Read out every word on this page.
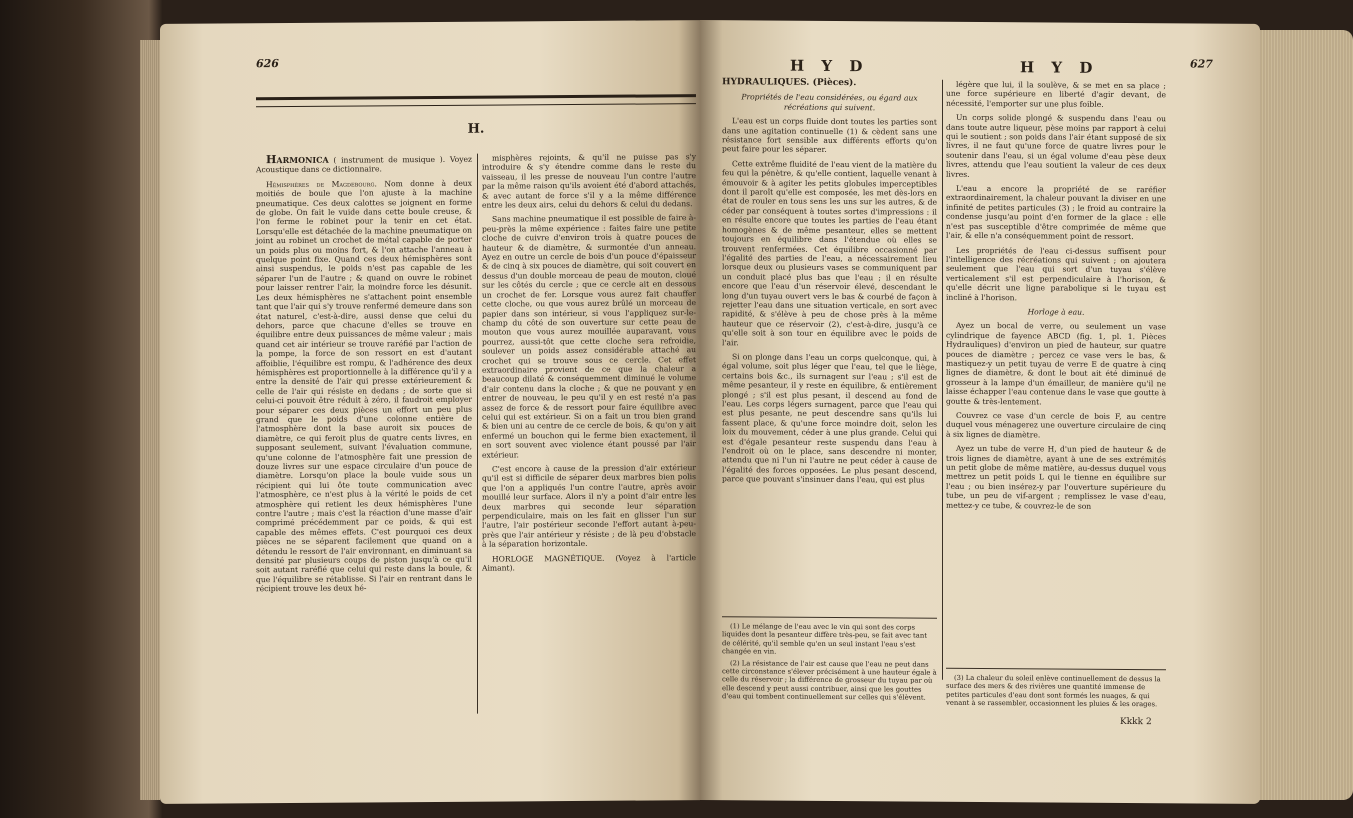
626
H.

Harmonica ( instrument de musique ). Voyez Acoustique dans ce dictionnaire.

Hémisphères de Magdebourg. Nom donne à deux moitiés de boule que l'on ajuste à la machine pneumatique. Ces deux calottes se joignent en forme de globe. On fait le vuide dans cette boule creuse, & l'on ferme le robinet pour la tenir en cet état. Lorsqu'elle est détachée de la machine pneumatique on joint au robinet un crochet de métal capable de porter un poids plus ou moins fort, & l'on attache l'anneau à quelque point fixe. Quand ces deux hémisphères sont ainsi suspendus, le poids n'est pas capable de les séparer l'un de l'autre ; & quand on ouvre le robinet pour laisser rentrer l'air, la moindre force les désunit. Les deux hémisphères ne s'attachent point ensemble tant que l'air qui s'y trouve renfermé demeure dans son état naturel, c'est-à-dire, aussi dense que celui du dehors, parce que chacune d'elles se trouve en équilibre entre deux puissances de même valeur ; mais quand cet air intérieur se trouve raréfié par l'action de la pompe, la force de son ressort en est d'autant affoiblie, l'équilibre est rompu, & l'adhérence des deux hémisphères est proportionnelle à la différence qu'il y a entre la densité de l'air qui presse extérieurement & celle de l'air qui résiste en dedans ; de sorte que si celui-ci pouvoit être réduit à zéro, il faudroit employer pour séparer ces deux pièces un effort un peu plus grand que le poids d'une colonne entière de l'atmosphère dont la base auroit six pouces de diamètre, ce qui feroit plus de quatre cents livres, en supposant seulement, suivant l'évaluation commune, qu'une colonne de l'atmosphère fait une pression de douze livres sur une espace circulaire d'un pouce de diamètre. Lorsqu'on place la boule vuide sous un récipient qui lui ôte toute communication avec l'atmosphère, ce n'est plus à la vérité le poids de cet atmosphère qui retient les deux hémisphères l'une contre l'autre ; mais c'est la réaction d'une masse d'air comprimé précédemment par ce poids, & qui est capable des mêmes effets. C'est pourquoi ces deux pièces ne se séparent facilement que quand on a détendu le ressort de l'air environnant, en diminuant sa densité par plusieurs coups de piston jusqu'à ce qu'il soit autant raréfié que celui qui reste dans la boule, & que l'équilibre se rétablisse. Si l'air en rentrant dans le récipient trouve les deux hé-

misphères rejoints, & qu'il ne puisse pas s'y introduire & s'y étendre comme dans le reste du vaisseau, il les presse de nouveau l'un contre l'autre par la même raison qu'ils avoient été d'abord attachés, & avec autant de force s'il y a la même différence entre les deux airs, celui du dehors & celui du dedans.

Sans machine pneumatique il est possible de faire à-peu-près la même expérience : faites faire une petite cloche de cuivre d'environ trois à quatre pouces de hauteur & de diamètre, & surmontée d'un anneau. Ayez en outre un cercle de bois d'un pouce d'épaisseur & de cinq à six pouces de diamètre, qui soit couvert en dessus d'un double morceau de peau de mouton, cloué sur les côtés du cercle ; que ce cercle ait en dessous un crochet de fer. Lorsque vous aurez fait chauffer cette cloche, ou que vous aurez brûlé un morceau de papier dans son intérieur, si vous l'appliquez sur-le-champ du côté de son ouverture sur cette peau de mouton que vous aurez mouillée auparavant, vous pourrez, aussi-tôt que cette cloche sera refroidie, soulever un poids assez considérable attaché au crochet qui se trouve sous ce cercle. Cet effet extraordinaire provient de ce que la chaleur a beaucoup dilaté & conséquemment diminué le volume d'air contenu dans la cloche ; & que ne pouvant y en entrer de nouveau, le peu qu'il y en est resté n'a pas assez de force & de ressort pour faire équilibre avec celui qui est extérieur. Si on a fait un trou bien grand & bien uni au centre de ce cercle de bois, & qu'on y ait enfermé un bouchon qui le ferme bien exactement, il en sort souvent avec violence étant poussé par l'air extérieur.

C'est encore à cause de la pression d'air extérieur qu'il est si difficile de séparer deux marbres bien polis que l'on a appliqués l'un contre l'autre, après avoir mouillé leur surface. Alors il n'y a point d'air entre les deux marbres qui seconde leur séparation perpendiculaire, mais on les fait en glisser l'un sur l'autre, l'air postérieur seconde l'effort autant à-peu-près que l'air antérieur y résiste ; de là peu d'obstacle à la séparation horizontale.

HORLOGE MAGNÉTIQUE. (Voyez à l'article Aimant).

H Y D	H Y D	627

HYDRAULIQUES. (Pièces).

Propriétés de l'eau considérées, ou égard aux récréations qui suivent.

L'eau est un corps fluide dont toutes les parties sont dans une agitation continuelle (1) & cèdent sans une résistance fort sensible aux différents efforts qu'on peut faire pour les séparer.

Cette extrême fluidité de l'eau vient de la matière du feu qui la pénètre, & qu'elle contient, laquelle venant à émouvoir & à agiter les petits globules imperceptibles dont il paroît qu'elle est composée, les met dès-lors en état de rouler en tous sens les uns sur les autres, & de céder par conséquent à toutes sortes d'impressions : il en résulte encore que toutes les parties de l'eau étant homogènes & de même pesanteur, elles se mettent toujours en équilibre dans l'étendue où elles se trouvent renfermées. Cet équilibre occasionné par l'égalité des parties de l'eau, a nécessairement lieu lorsque deux ou plusieurs vases se communiquent par un conduit placé plus bas que l'eau ; il en résulte encore que l'eau d'un réservoir élevé, descendant le long d'un tuyau ouvert vers le bas & courbé de façon à rejetter l'eau dans une situation verticale, en sort avec rapidité, & s'élève à peu de chose près à la même hauteur que ce réservoir (2), c'est-à-dire, jusqu'à ce qu'elle soit à son tour en équilibre avec le poids de l'air.

Si on plonge dans l'eau un corps quelconque, qui, à égal volume, soit plus léger que l'eau, tel que le liège, certains bois &c., ils surnagent sur l'eau ; s'il est de même pesanteur, il y reste en équilibre, & entièrement plongé ; s'il est plus pesant, il descend au fond de l'eau. Les corps légers surnagent, parce que l'eau qui est plus pesante, ne peut descendre sans qu'ils lui fassent place, & qu'une force moindre doit, selon les loix du mouvement, céder à une plus grande. Celui qui est d'égale pesanteur reste suspendu dans l'eau à l'endroit où on le place, sans descendre ni monter, attendu que ni l'un ni l'autre ne peut céder à cause de l'égalité des forces opposées. Le plus pesant descend, parce que pouvant s'insinuer dans l'eau, qui est plus

(1) Le mélange de l'eau avec le vin qui sont des corps liquides dont la pesanteur diffère très-peu, se fait avec tant de célérité, qu'il semble qu'en un seul instant l'eau s'est changée en vin.

(2) La résistance de l'air est cause que l'eau ne peut dans cette circonstance s'élever précisément à une hauteur égale à celle du réservoir ; la différence de grosseur du tuyau par où elle descend y peut aussi contribuer, ainsi que les gouttes d'eau qui tombent continuellement sur celles qui s'élèvent.

légère que lui, il la soulève, & se met en sa place ; une force supérieure en liberté d'agir devant, de nécessité, l'emporter sur une plus foible.

Un corps solide plongé & suspendu dans l'eau ou dans toute autre liqueur, pèse moins par rapport à celui qui le soutient ; son poids dans l'air étant supposé de six livres, il ne faut qu'une force de quatre livres pour le soutenir dans l'eau, si un égal volume d'eau pèse deux livres, attendu que l'eau soutient la valeur de ces deux livres.

L'eau a encore la propriété de se raréfier extraordinairement, la chaleur pouvant la diviser en une infinité de petites particules (3) ; le froid au contraire la condense jusqu'au point d'en former de la glace : elle n'est pas susceptible d'être comprimée de même que l'air, & elle n'a conséquemment point de ressort.

Les propriétés de l'eau ci-dessus suffisent pour l'intelligence des récréations qui suivent ; on ajoutera seulement que l'eau qui sort d'un tuyau s'élève verticalement s'il est perpendiculaire à l'horison, & qu'elle décrit une ligne parabolique si le tuyau est incliné à l'horison.

Horloge à eau.

Ayez un bocal de verre, ou seulement un vase cylindrique de fayence ABCD (fig. 1, pl. 1. Pièces Hydrauliques) d'environ un pied de hauteur, sur quatre pouces de diamètre ; percez ce vase vers le bas, & mastiquez-y un petit tuyau de verre E de quatre à cinq lignes de diamètre, & dont le bout ait été diminué de grosseur à la lampe d'un émailleur, de manière qu'il ne laisse échapper l'eau contenue dans le vase que goutte à goutte & très-lentement.

Couvrez ce vase d'un cercle de bois F, au centre duquel vous ménagerez une ouverture circulaire de cinq à six lignes de diamètre.

Ayez un tube de verre H, d'un pied de hauteur & de trois lignes de diamètre, ayant à une de ses extrémités un petit globe de même matière, au-dessus duquel vous mettrez un petit poids L qui le tienne en équilibre sur l'eau ; ou bien insérez-y par l'ouverture supérieure du tube, un peu de vif-argent ; remplissez le vase d'eau, mettez-y ce tube, & couvrez-le de son

(3) La chaleur du soleil enlève continuellement de dessus la surface des mers & des rivières une quantité immense de petites particules d'eau dont sont formés les nuages, & qui venant à se rassembler, occasionnent les pluies & les orages.

Kkkk 2
